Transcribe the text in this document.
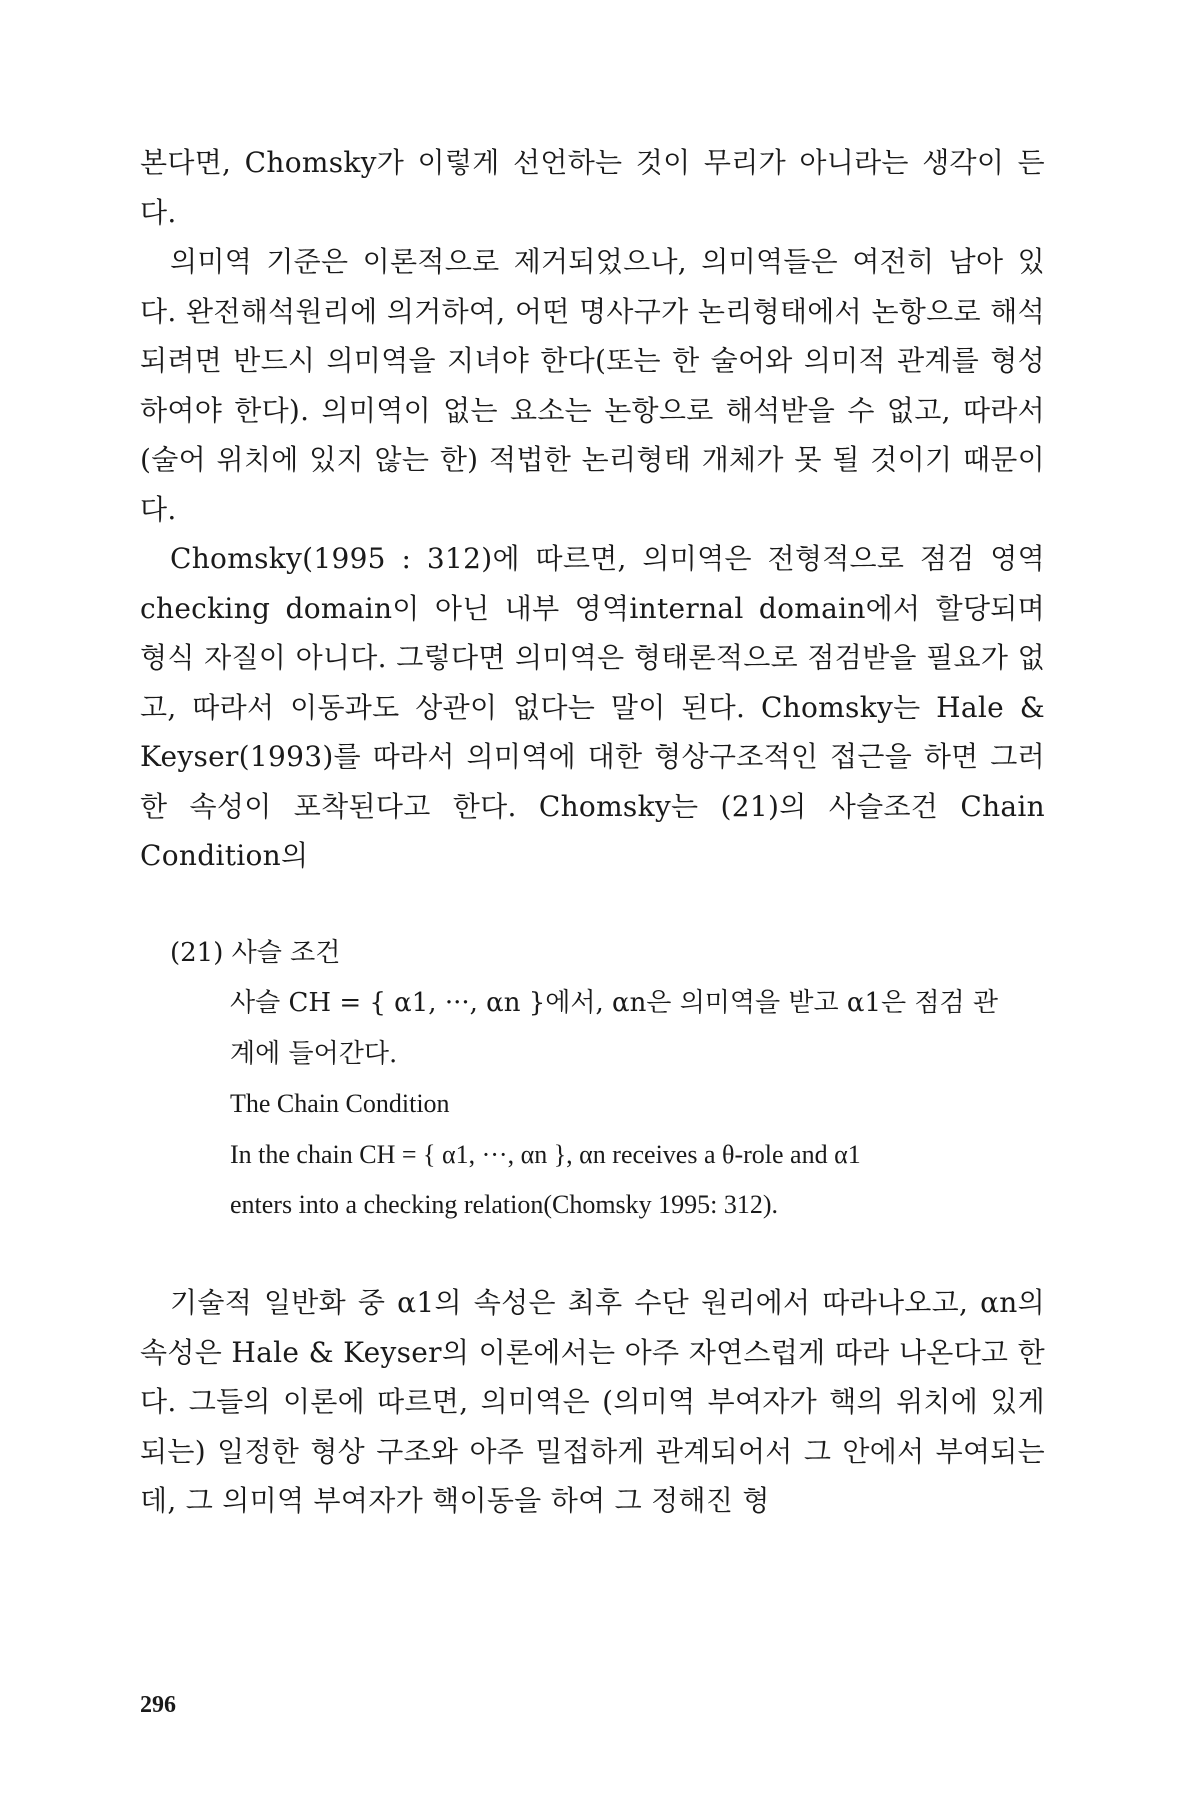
본다면, Chomsky가 이렇게 선언하는 것이 무리가 아니라는 생각이 든다.

의미역 기준은 이론적으로 제거되었으나, 의미역들은 여전히 남아 있다. 완전해석원리에 의거하여, 어떤 명사구가 논리형태에서 논항으로 해석되려면 반드시 의미역을 지녀야 한다(또는 한 술어와 의미적 관계를 형성하여야 한다). 의미역이 없는 요소는 논항으로 해석받을 수 없고, 따라서 (술어 위치에 있지 않는 한) 적법한 논리형태 개체가 못 될 것이기 때문이다.

Chomsky(1995 : 312)에 따르면, 의미역은 전형적으로 점검 영역 checking domain이 아닌 내부 영역internal domain에서 할당되며 형식 자질이 아니다. 그렇다면 의미역은 형태론적으로 점검받을 필요가 없고, 따라서 이동과도 상관이 없다는 말이 된다. Chomsky는 Hale & Keyser(1993)를 따라서 의미역에 대한 형상구조적인 접근을 하면 그러한 속성이 포착된다고 한다. Chomsky는 (21)의 사슬조건 Chain Condition의

(21) 사슬 조건

사슬 CH = { α1, ···, αn }에서, αn은 의미역을 받고 α1은 점검 관

계에 들어간다.

The Chain Condition

In the chain CH = { α1, ···, αn }, αn receives a θ-role and α1

enters into a checking relation(Chomsky 1995: 312).

기술적 일반화 중 α1의 속성은 최후 수단 원리에서 따라나오고, αn의 속성은 Hale & Keyser의 이론에서는 아주 자연스럽게 따라 나온다고 한다. 그들의 이론에 따르면, 의미역은 (의미역 부여자가 핵의 위치에 있게 되는) 일정한 형상 구조와 아주 밀접하게 관계되어서 그 안에서 부여되는데, 그 의미역 부여자가 핵이동을 하여 그 정해진 형

296
